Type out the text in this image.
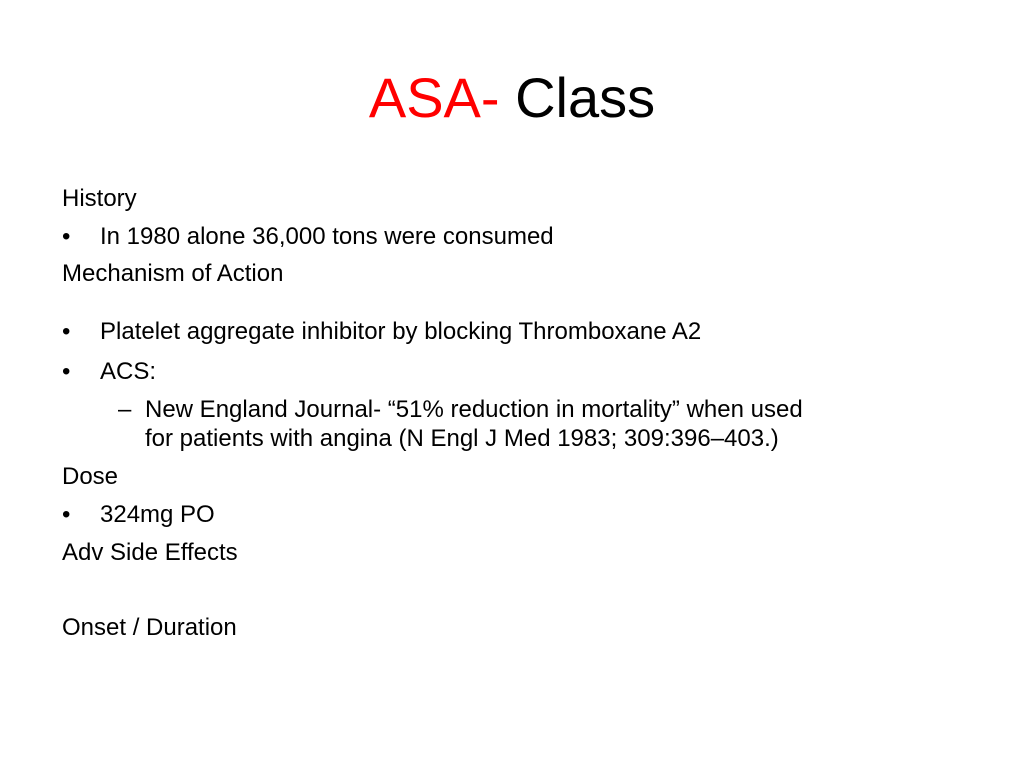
ASA- Class
History
• In 1980 alone 36,000 tons were consumed
Mechanism of Action
• Platelet aggregate inhibitor by blocking Thromboxane A2
• ACS:
– New England Journal- “51% reduction in mortality” when used
for patients with angina (N Engl J Med 1983; 309:396–403.)
Dose
• 324mg PO
Adv Side Effects
Onset / Duration
